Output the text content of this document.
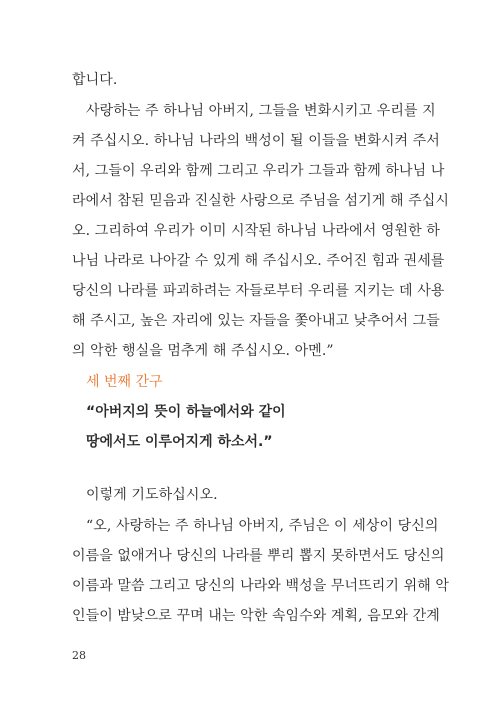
합니다.
사랑하는 주 하나님 아버지, 그들을 변화시키고 우리를 지
켜 주십시오. 하나님 나라의 백성이 될 이들을 변화시켜 주서
서, 그들이 우리와 함께 그리고 우리가 그들과 함께 하나님 나
라에서 참된 믿음과 진실한 사랑으로 주님을 섬기게 해 주십시
오. 그리하여 우리가 이미 시작된 하나님 나라에서 영원한 하
나님 나라로 나아갈 수 있게 해 주십시오. 주어진 힘과 권세를
당신의 나라를 파괴하려는 자들로부터 우리를 지키는 데 사용
해 주시고, 높은 자리에 있는 자들을 쫓아내고 낮추어서 그들
의 악한 행실을 멈추게 해 주십시오. 아멘.”
세 번째 간구
“아버지의 뜻이 하늘에서와 같이
땅에서도 이루어지게 하소서.”
이렇게 기도하십시오.
“오, 사랑하는 주 하나님 아버지, 주님은 이 세상이 당신의
이름을 없애거나 당신의 나라를 뿌리 뽑지 못하면서도 당신의
이름과 말씀 그리고 당신의 나라와 백성을 무너뜨리기 위해 악
인들이 밤낮으로 꾸며 내는 악한 속임수와 계획, 음모와 간계
28
